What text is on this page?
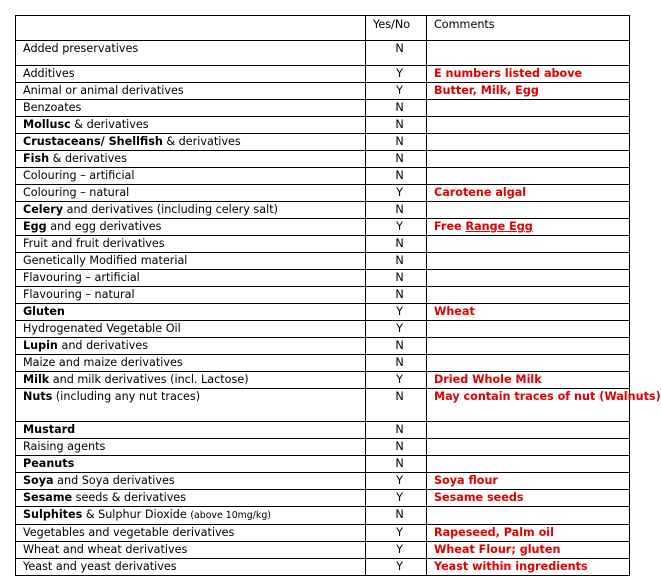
	Yes/No	Comments
Added preservatives	N	
Additives	Y	E numbers listed above
Animal or animal derivatives	Y	Butter, Milk, Egg
Benzoates	N	
Mollusc & derivatives	N	
Crustaceans/ Shellfish & derivatives	N	
Fish & derivatives	N	
Colouring – artificial	N	
Colouring – natural	Y	Carotene algal
Celery and derivatives (including celery salt)	N	
Egg and egg derivatives	Y	Free Range Egg
Fruit and fruit derivatives	N	
Genetically Modified material	N	
Flavouring – artificial	N	
Flavouring – natural	N	
Gluten	Y	Wheat
Hydrogenated Vegetable Oil	Y	
Lupin and derivatives	N	
Maize and maize derivatives	N	
Milk and milk derivatives (incl. Lactose)	Y	Dried Whole Milk
Nuts (including any nut traces)	N	May contain traces of nut (Walnuts)
Mustard	N	
Raising agents	N	
Peanuts	N	
Soya and Soya derivatives	Y	Soya flour
Sesame seeds & derivatives	Y	Sesame seeds
Sulphites & Sulphur Dioxide (above 10mg/kg)	N	
Vegetables and vegetable derivatives	Y	Rapeseed, Palm oil
Wheat and wheat derivatives	Y	Wheat Flour; gluten
Yeast and yeast derivatives	Y	Yeast within ingredients
